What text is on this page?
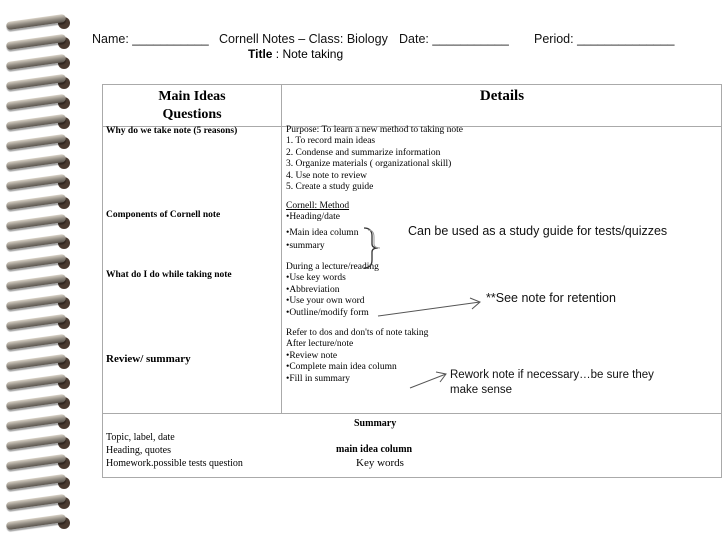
Name: ___________ Cornell Notes – Class: Biology Date: ___________ Period: ______________
Title : Note taking
Main Ideas
Questions
Details
Why do we take note (5 reasons)
Components of Cornell note
What do I do while taking note
Review/ summary
Purpose: To learn a new method to taking note
1. To record main ideas
2. Condense and summarize information
3. Organize materials ( organizational skill)
4. Use note to review
5. Create a study guide
Cornell: Method
•Heading/date
•Main idea column
•summary
During a lecture/reading
•Use key words
•Abbreviation
•Use your own word
•Outline/modify form
Refer to dos and don'ts of note taking
After lecture/note
•Review note
•Complete main idea column
•Fill in summary
Can be used as a study guide for tests/quizzes
**See note for retention
Rework note if necessary…be sure they
make sense
Summary
Topic, label, date
Heading, quotes
Homework.possible tests question
main idea column
Key words
